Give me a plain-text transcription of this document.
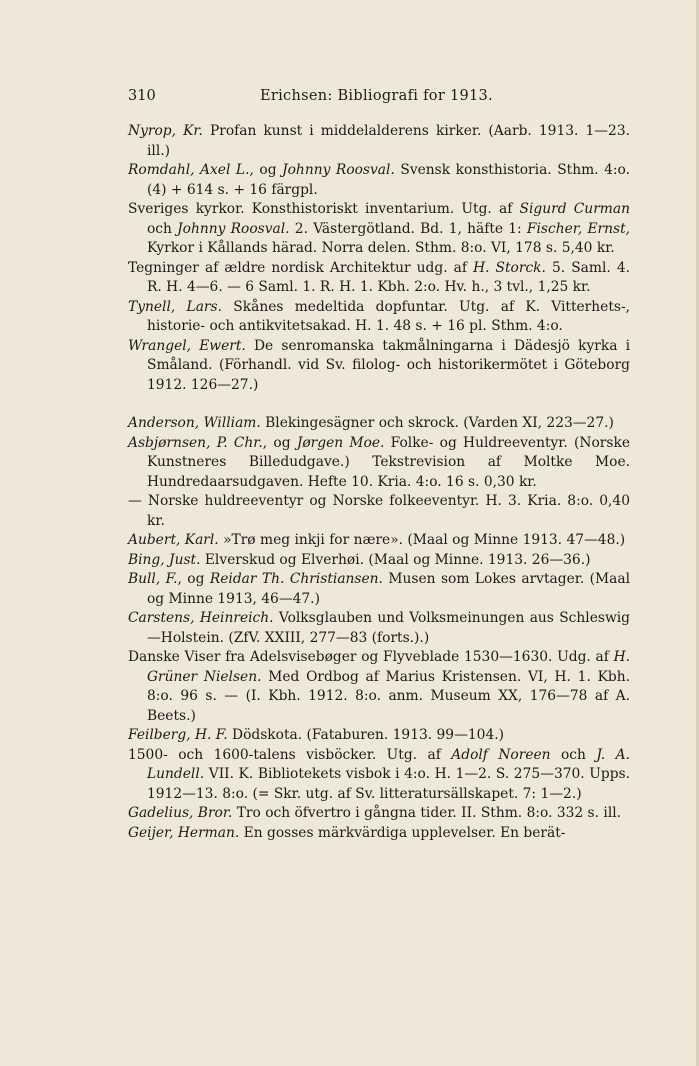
310	Erichsen: Bibliografi for 1913.

Nyrop, Kr. Profan kunst i middelalderens kirker. (Aarb. 1913. 1—23. ill.)

Romdahl, Axel L., og Johnny Roosval. Svensk konsthistoria. Sthm. 4:o. (4) + 614 s. + 16 färgpl.

Sveriges kyrkor. Konsthistoriskt inventarium. Utg. af Sigurd Curman och Johnny Roosval. 2. Västergötland. Bd. 1, häfte 1: Fischer, Ernst, Kyrkor i Kållands härad. Norra delen. Sthm. 8:o. VI, 178 s. 5,40 kr.

Tegninger af ældre nordisk Architektur udg. af H. Storck. 5. Saml. 4. R. H. 4—6. — 6 Saml. 1. R. H. 1. Kbh. 2:o. Hv. h., 3 tvl., 1,25 kr.

Tynell, Lars. Skånes medeltida dopfuntar. Utg. af K. Vitterhets-, historie- och antikvitetsakad. H. 1. 48 s. + 16 pl. Sthm. 4:o.

Wrangel, Ewert. De senromanska takmålningarna i Dädesjö kyrka i Småland. (Förhandl. vid Sv. filolog- och historikermötet i Göteborg 1912. 126—27.)

Anderson, William. Blekingesägner och skrock. (Varden XI, 223—27.)

Asbjørnsen, P. Chr., og Jørgen Moe. Folke- og Huldreeventyr. (Norske Kunstneres Billedudgave.) Tekstrevision af Moltke Moe. Hundredaarsudgaven. Hefte 10. Kria. 4:o. 16 s. 0,30 kr.

— Norske huldreeventyr og Norske folkeeventyr. H. 3. Kria. 8:o. 0,40 kr.

Aubert, Karl. »Trø meg inkji for nære». (Maal og Minne 1913. 47—48.)

Bing, Just. Elverskud og Elverhøi. (Maal og Minne. 1913. 26—36.)

Bull, F., og Reidar Th. Christiansen. Musen som Lokes arvtager. (Maal og Minne 1913, 46—47.)

Carstens, Heinreich. Volksglauben und Volksmeinungen aus Schleswig—Holstein. (ZfV. XXIII, 277—83 (forts.).)

Danske Viser fra Adelsvisebøger og Flyveblade 1530—1630. Udg. af H. Grüner Nielsen. Med Ordbog af Marius Kristensen. VI, H. 1. Kbh. 8:o. 96 s. — (I. Kbh. 1912. 8:o. anm. Museum XX, 176—78 af A. Beets.)

Feilberg, H. F. Dödskota. (Fataburen. 1913. 99—104.)

1500- och 1600-talens visböcker. Utg. af Adolf Noreen och J. A. Lundell. VII. K. Bibliotekets visbok i 4:o. H. 1—2. S. 275—370. Upps. 1912—13. 8:o. (= Skr. utg. af Sv. litteratursällskapet. 7: 1—2.)

Gadelius, Bror. Tro och öfvertro i gångna tider. II. Sthm. 8:o. 332 s. ill.

Geijer, Herman. En gosses märkvärdiga upplevelser. En berät-
